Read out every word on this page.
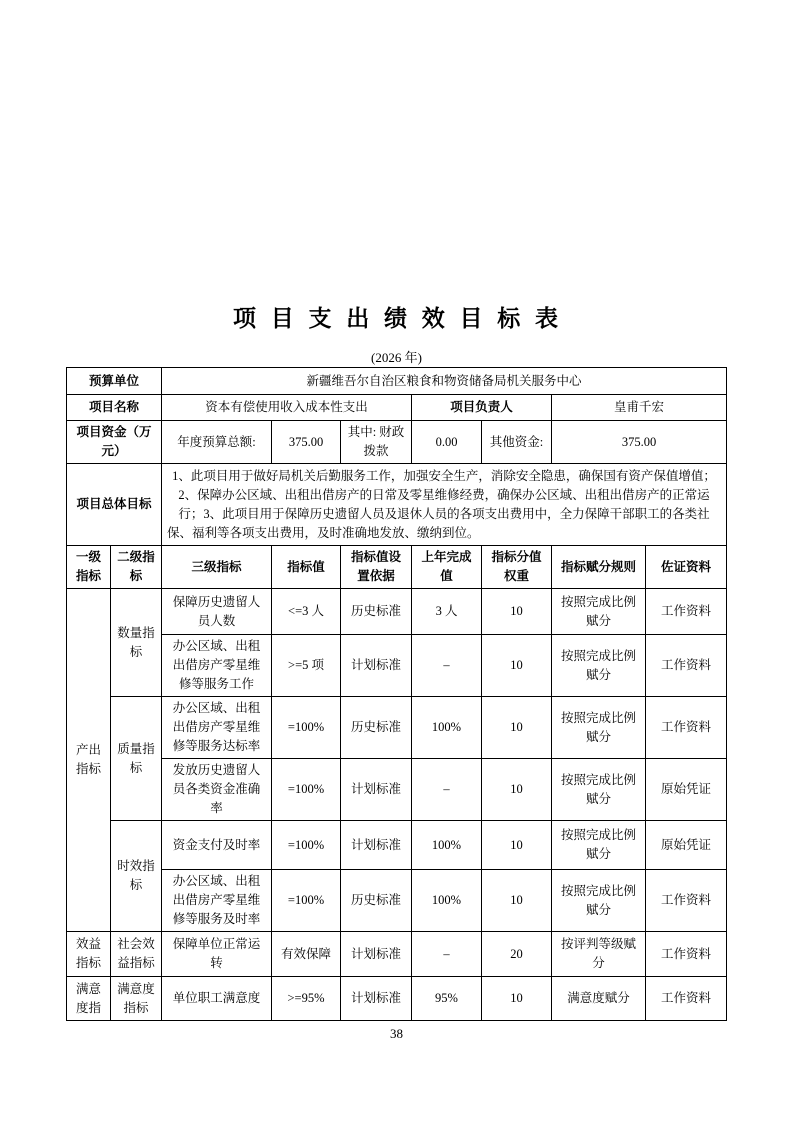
项 目 支 出 绩 效 目 标 表
(2026 年)
预算单位		新疆维吾尔自治区粮食和物资储备局机关服务中心						
项目名称		资本有偿使用收入成本性支出			项目负责人		皇甫千宏	
项目资金（万元）		年度预算总额:	375.00	其中: 财政拨款	0.00	其他资金:	375.00	
项目总体目标		1、此项目用于做好局机关后勤服务工作，加强安全生产，消除安全隐患，确保国有资产保值增值；2、保障办公区域、出租出借房产的日常及零星维修经费，确保办公区域、出租出借房产的正常运行；3、此项目用于保障历史遗留人员及退休人员的各项支出费用中，全力保障干部职工的各类社保、福利等各项支出费用，及时准确地发放、缴纳到位。						
一级指标	二级指标	三级指标	指标值	指标值设置依据	上年完成值	指标分值权重	指标赋分规则	佐证资料
产出指标	数量指标	保障历史遗留人员人数	<=3 人	历史标准	3 人	10	按照完成比例赋分	工作资料
		办公区域、出租出借房产零星维修等服务工作	>=5 项	计划标准	–	10	按照完成比例赋分	工作资料
	质量指标	办公区域、出租出借房产零星维修等服务达标率	=100%	历史标准	100%	10	按照完成比例赋分	工作资料
		发放历史遗留人员各类资金准确率	=100%	计划标准	–	10	按照完成比例赋分	原始凭证
	时效指标	资金支付及时率	=100%	计划标准	100%	10	按照完成比例赋分	原始凭证
		办公区域、出租出借房产零星维修等服务及时率	=100%	历史标准	100%	10	按照完成比例赋分	工作资料
效益指标	社会效益指标	保障单位正常运转	有效保障	计划标准	–	20	按评判等级赋分	工作资料
满意度指	满意度指标	单位职工满意度	>=95%	计划标准	95%	10	满意度赋分	工作资料
38
